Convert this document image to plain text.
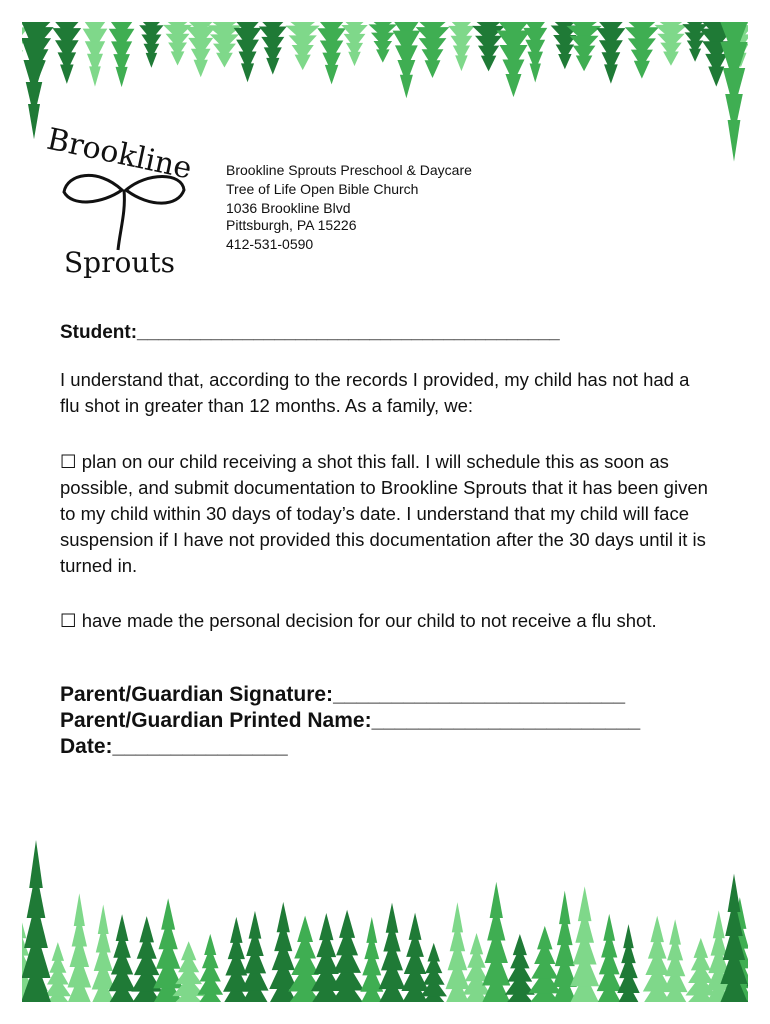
Brookline
Sprouts
Brookline Sprouts Preschool & Daycare
Tree of Life Open Bible Church
1036 Brookline Blvd
Pittsburgh, PA 15226
412-531-0590
Student:________________________________________
I understand that, according to the records I provided, my child has not had a flu shot in greater than 12 months. As a family, we:
☐ plan on our child receiving a shot this fall. I will schedule this as soon as possible, and submit documentation to Brookline Sprouts that it has been given to my child within 30 days of today’s date. I understand that my child will face suspension if I have not provided this documentation after the 30 days until it is turned in.
☐ have made the personal decision for our child to not receive a flu shot.
Parent/Guardian Signature:_________________________
Parent/Guardian Printed Name:_______________________
Date:_______________
